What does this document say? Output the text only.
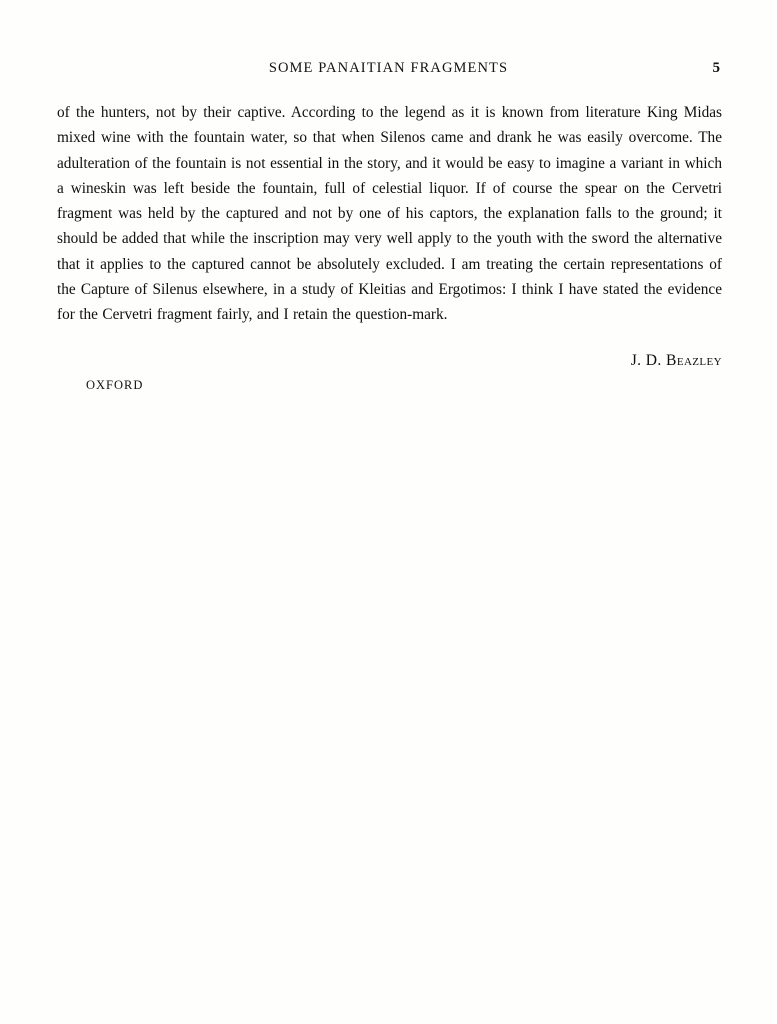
SOME PANAITIAN FRAGMENTS	5
of the hunters, not by their captive. According to the legend as it is known from literature King Midas mixed wine with the fountain water, so that when Silenos came and drank he was easily overcome. The adulteration of the fountain is not essential in the story, and it would be easy to imagine a variant in which a wineskin was left beside the fountain, full of celestial liquor. If of course the spear on the Cervetri fragment was held by the captured and not by one of his captors, the explanation falls to the ground; it should be added that while the inscription may very well apply to the youth with the sword the alternative that it applies to the captured cannot be absolutely excluded. I am treating the certain representations of the Capture of Silenus elsewhere, in a study of Kleitias and Ergotimos: I think I have stated the evidence for the Cervetri fragment fairly, and I retain the question-mark.
J. D. Beazley
OXFORD
